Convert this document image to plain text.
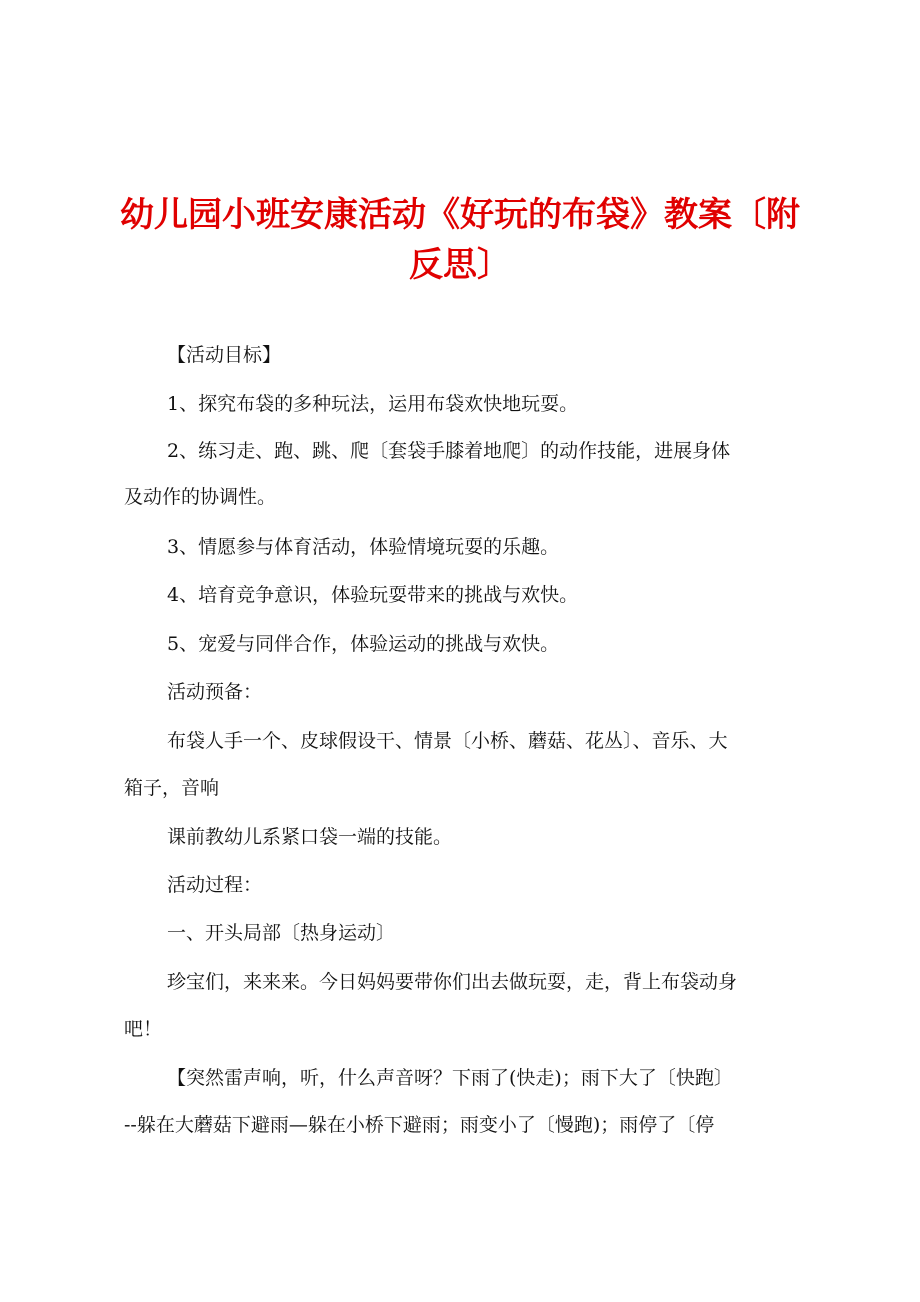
幼儿园小班安康活动《好玩的布袋》教案〔附
反思〕

【活动目标】

1、探究布袋的多种玩法，运用布袋欢快地玩耍。

2、练习走、跑、跳、爬〔套袋手膝着地爬〕的动作技能，进展身体

及动作的协调性。

3、情愿参与体育活动，体验情境玩耍的乐趣。

4、培育竞争意识，体验玩耍带来的挑战与欢快。

5、宠爱与同伴合作，体验运动的挑战与欢快。

活动预备：

布袋人手一个、皮球假设干、情景〔小桥、蘑菇、花丛〕、音乐、大

箱子，音响

课前教幼儿系紧口袋一端的技能。

活动过程：

一、开头局部〔热身运动〕

珍宝们，来来来。今日妈妈要带你们出去做玩耍，走，背上布袋动身

吧！

【突然雷声响，听，什么声音呀？下雨了(快走)；雨下大了〔快跑〕

--躲在大蘑菇下避雨—躲在小桥下避雨；雨变小了〔慢跑)；雨停了〔停
